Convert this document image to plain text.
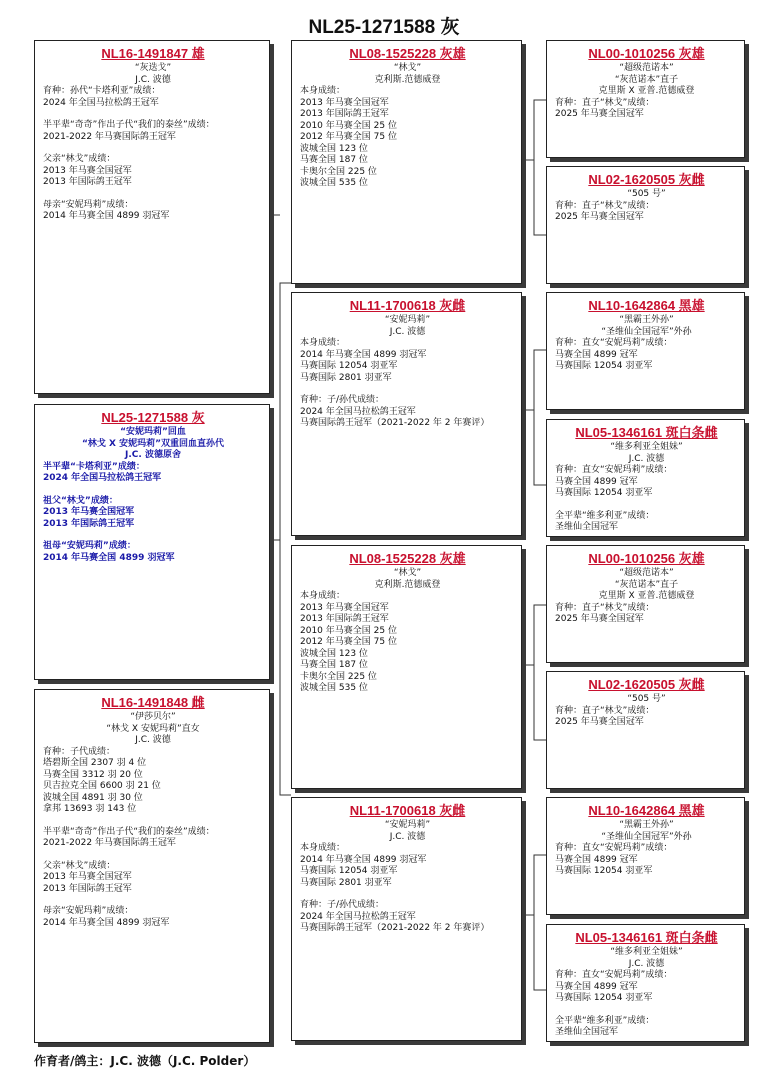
NL25-1271588 灰
NL16-1491847 雄
“灰迭戈”
J.C. 波德
育种：孙代“卡塔利亚”成绩：
2024 年全国马拉松鸽王冠军
半平辈“奇奇”作出子代“我们的泰丝”成绩：
2021-2022 年马赛国际鸽王冠军
父亲“林戈”成绩：
2013 年马赛全国冠军
2013 年国际鸽王冠军
母亲“安妮玛莉”成绩：
2014 年马赛全国 4899 羽冠军
NL25-1271588 灰
“安妮玛莉”回血
“林戈 X 安妮玛莉”双重回血直孙代
J.C. 波德原舍
半平辈“卡塔利亚”成绩：
2024 年全国马拉松鸽王冠军
祖父“林戈”成绩：
2013 年马赛全国冠军
2013 年国际鸽王冠军
祖母“安妮玛莉”成绩：
2014 年马赛全国 4899 羽冠军
NL16-1491848 雌
“伊莎贝尔”
“林戈 X 安妮玛莉”直女
J.C. 波德
育种：子代成绩：
塔碧斯全国 2307 羽 4 位
马赛全国 3312 羽 20 位
贝吉拉克全国 6600 羽 21 位
波城全国 4891 羽 30 位
拿邦 13693 羽 143 位
半平辈“奇奇”作出子代“我们的泰丝”成绩：
2021-2022 年马赛国际鸽王冠军
父亲“林戈”成绩：
2013 年马赛全国冠军
2013 年国际鸽王冠军
母亲“安妮玛莉”成绩：
2014 年马赛全国 4899 羽冠军
NL08-1525228 灰雄
“林戈”
克利斯.范德威登
本身成绩：
2013 年马赛全国冠军
2013 年国际鸽王冠军
2010 年马赛全国 25 位
2012 年马赛全国 75 位
波城全国 123 位
马赛全国 187 位
卡奥尔全国 225 位
波城全国 535 位
NL11-1700618 灰雌
“安妮玛莉”
J.C. 波德
本身成绩：
2014 年马赛全国 4899 羽冠军
马赛国际 12054 羽亚军
马赛国际 2801 羽亚军
育种：子/孙代成绩：
2024 年全国马拉松鸽王冠军
马赛国际鸽王冠军（2021-2022 年 2 年赛评）
NL08-1525228 灰雄
“林戈”
克利斯.范德威登
本身成绩：
2013 年马赛全国冠军
2013 年国际鸽王冠军
2010 年马赛全国 25 位
2012 年马赛全国 75 位
波城全国 123 位
马赛全国 187 位
卡奥尔全国 225 位
波城全国 535 位
NL11-1700618 灰雌
“安妮玛莉”
J.C. 波德
本身成绩：
2014 年马赛全国 4899 羽冠军
马赛国际 12054 羽亚军
马赛国际 2801 羽亚军
育种：子/孙代成绩：
2024 年全国马拉松鸽王冠军
马赛国际鸽王冠军（2021-2022 年 2 年赛评）
NL00-1010256 灰雄
“超级范诺本”
“灰范诺本”直子
克里斯 X 亚普.范德威登
育种：直子“林戈”成绩：
2025 年马赛全国冠军
NL02-1620505 灰雌
“505 号”
育种：直子“林戈”成绩：
2025 年马赛全国冠军
NL10-1642864 黑雄
“黑霸王外孙”
“圣维仙全国冠军”外孙
育种：直女“安妮玛莉”成绩：
马赛全国 4899 冠军
马赛国际 12054 羽亚军
NL05-1346161 斑白条雌
“维多利亚全姐妹”
J.C. 波德
育种：直女“安妮玛莉”成绩：
马赛全国 4899 冠军
马赛国际 12054 羽亚军
全平辈“维多利亚”成绩：
圣维仙全国冠军
NL00-1010256 灰雄
“超级范诺本”
“灰范诺本”直子
克里斯 X 亚普.范德威登
育种：直子“林戈”成绩：
2025 年马赛全国冠军
NL02-1620505 灰雌
“505 号”
育种：直子“林戈”成绩：
2025 年马赛全国冠军
NL10-1642864 黑雄
“黑霸王外孙”
“圣维仙全国冠军”外孙
育种：直女“安妮玛莉”成绩：
马赛全国 4899 冠军
马赛国际 12054 羽亚军
NL05-1346161 斑白条雌
“维多利亚全姐妹”
J.C. 波德
育种：直女“安妮玛莉”成绩：
马赛全国 4899 冠军
马赛国际 12054 羽亚军
全平辈“维多利亚”成绩：
圣维仙全国冠军
作育者/鸽主：J.C. 波德（J.C. Polder）
